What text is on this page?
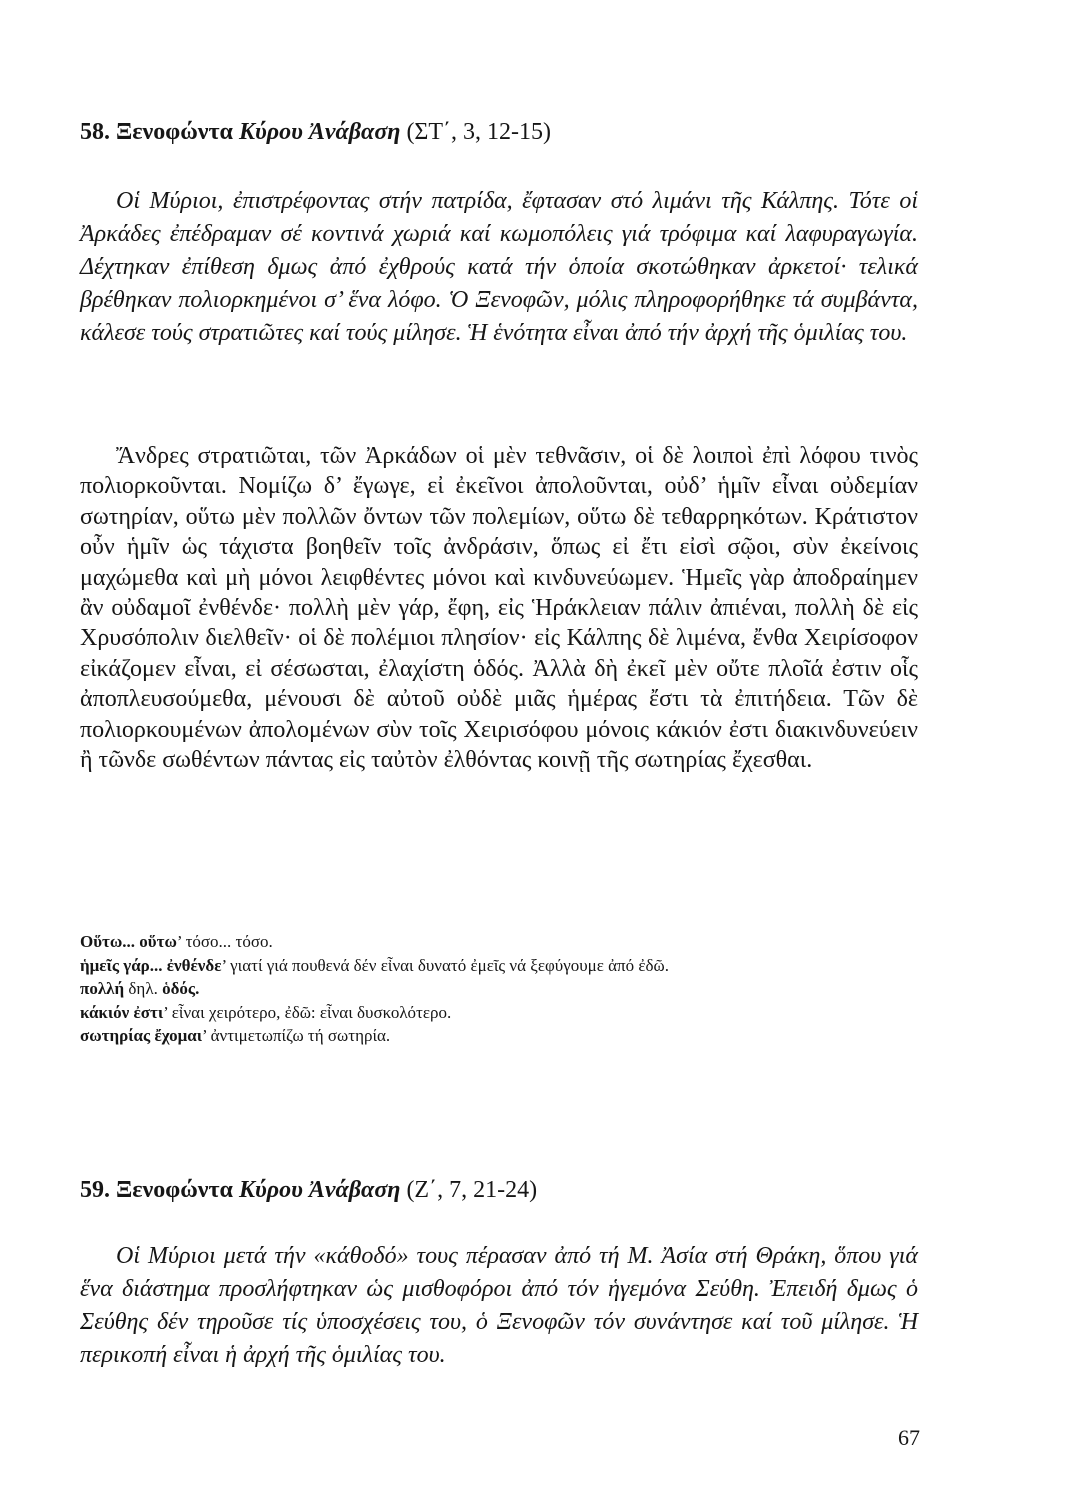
58. Ξενοφώντα Κύρου Ἀνάβαση (ΣΤ΄, 3, 12-15)

Οἱ Μύριοι, ἐπιστρέφοντας στήν πατρίδα, ἔφτασαν στό λιμάνι τῆς Κάλπης. Τότε οἱ Ἀρκάδες ἐπέδραμαν σέ κοντινά χωριά καί κωμοπόλεις γιά τρόφιμα καί λαφυραγωγία. Δέχτηκαν ἐπίθεση δμως ἀπό ἐχθρούς κατά τήν ὁποία σκοτώθηκαν ἀρκετοί· τελικά βρέθηκαν πολιορκημένοι σ’ ἕνα λόφο. Ὁ Ξενοφῶν, μόλις πληροφορήθηκε τά συμβάντα, κάλεσε τούς στρατιῶτες καί τούς μίλησε. Ἡ ἑνότητα εἶναι ἀπό τήν ἀρχή τῆς ὁμιλίας του.

Ἄνδρες στρατιῶται, τῶν Ἀρκάδων οἱ μὲν τεθνᾶσιν, οἱ δὲ λοιποὶ ἐπὶ λόφου τινὸς πολιορκοῦνται. Νομίζω δ’ ἔγωγε, εἰ ἐκεῖνοι ἀπολοῦνται, οὐδ’ ἡμῖν εἶναι οὐδεμίαν σωτηρίαν, οὕτω μὲν πολλῶν ὄντων τῶν πολεμίων, οὕτω δὲ τεθαρρηκότων. Κράτιστον οὖν ἡμῖν ὡς τάχιστα βοηθεῖν τοῖς ἀνδράσιν, ὅπως εἰ ἔτι εἰσὶ σῷοι, σὺν ἐκείνοις μαχώμεθα καὶ μὴ μόνοι λειφθέντες μόνοι καὶ κινδυνεύωμεν. Ἡμεῖς γὰρ ἀποδραίημεν ἂν οὐδαμοῖ ἐνθένδε· πολλὴ μὲν γάρ, ἔφη, εἰς Ἡράκλειαν πάλιν ἀπιέναι, πολλὴ δὲ εἰς Χρυσόπολιν διελθεῖν· οἱ δὲ πολέμιοι πλησίον· εἰς Κάλπης δὲ λιμένα, ἔνθα Χειρίσοφον εἰκάζομεν εἶναι, εἰ σέσωσται, ἐλαχίστη ὁδός. Ἀλλὰ δὴ ἐκεῖ μὲν οὔτε πλοῖά ἐστιν οἷς ἀποπλευσούμεθα, μένουσι δὲ αὐτοῦ οὐδὲ μιᾶς ἡμέρας ἔστι τὰ ἐπιτήδεια. Τῶν δὲ πολιορκουμένων ἀπολομένων σὺν τοῖς Χειρισόφου μόνοις κάκιόν ἐστι διακινδυνεύειν ἢ τῶνδε σωθέντων πάντας εἰς ταὐτὸν ἐλθόντας κοινῇ τῆς σωτηρίας ἔχεσθαι.

Οὕτω... οὕτω’ τόσο... τόσο.
ἡμεῖς γάρ... ἐνθένδε’ γιατί γιά πουθενά δέν εἶναι δυνατό ἐμεῖς νά ξεφύγουμε ἀπό ἐδῶ.
πολλή δηλ. ὁδός.
κάκιόν ἐστι’ εἶναι χειρότερο, ἐδῶ: εἶναι δυσκολότερο.
σωτηρίας ἔχομαι’ ἀντιμετωπίζω τή σωτηρία.
59. Ξενοφώντα Κύρου Ἀνάβαση (Ζ΄, 7, 21-24)

Οἱ Μύριοι μετά τήν «κάθοδό» τους πέρασαν ἀπό τή Μ. Ἀσία στή Θράκη, ὅπου γιά ἕνα διάστημα προσλήφτηκαν ὡς μισθοφόροι ἀπό τόν ἡγεμόνα Σεύθη. Ἐπειδή δμως ὁ Σεύθης δέν τηροῦσε τίς ὑποσχέσεις του, ὁ Ξενοφῶν τόν συνάντησε καί τοῦ μίλησε. Ἡ περικοπή εἶναι ἡ ἀρχή τῆς ὁμιλίας του.

67
